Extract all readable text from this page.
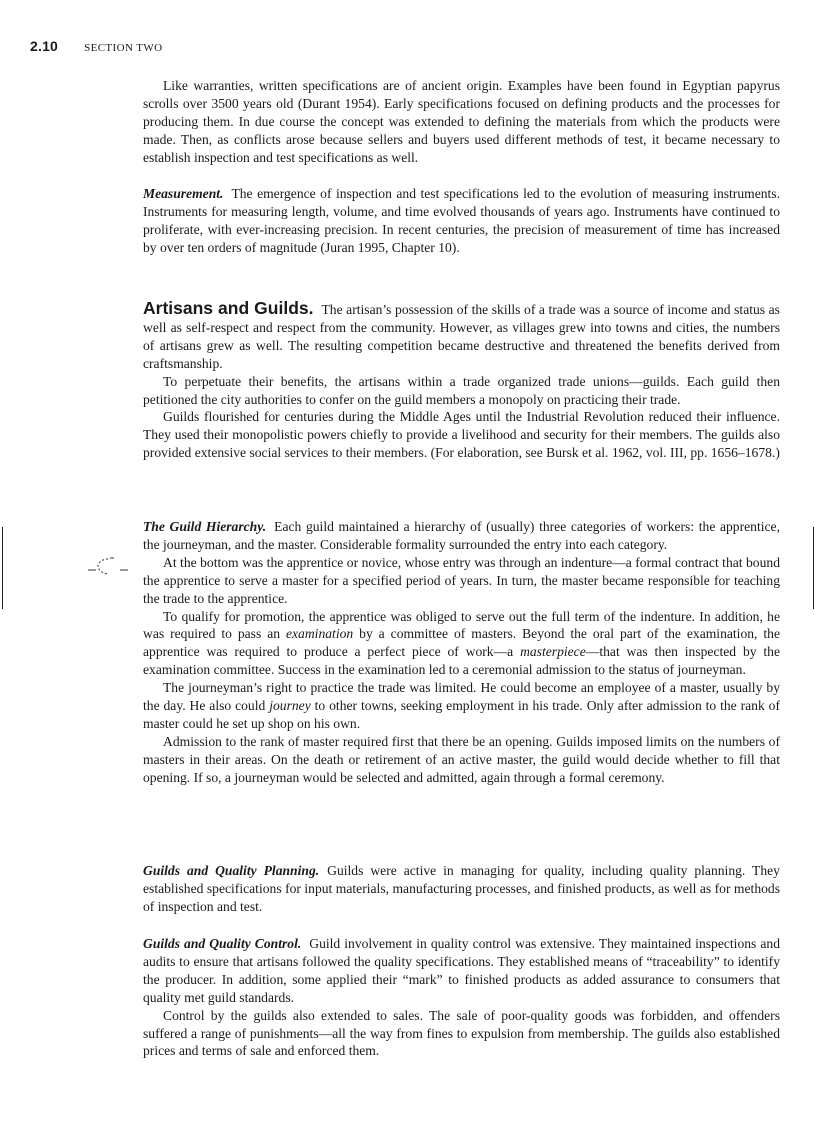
2.10 SECTION TWO

Like warranties, written specifications are of ancient origin. Examples have been found in Egyptian papyrus scrolls over 3500 years old (Durant 1954). Early specifications focused on defining products and the processes for producing them. In due course the concept was extended to defining the materials from which the products were made. Then, as conflicts arose because sellers and buyers used different methods of test, it became necessary to establish inspection and test specifications as well.

Measurement. The emergence of inspection and test specifications led to the evolution of measuring instruments. Instruments for measuring length, volume, and time evolved thousands of years ago. Instruments have continued to proliferate, with ever-increasing precision. In recent centuries, the precision of measurement of time has increased by over ten orders of magnitude (Juran 1995, Chapter 10).

Artisans and Guilds. The artisan’s possession of the skills of a trade was a source of income and status as well as self-respect and respect from the community. However, as villages grew into towns and cities, the numbers of artisans grew as well. The resulting competition became destructive and threatened the benefits derived from craftsmanship.

To perpetuate their benefits, the artisans within a trade organized trade unions—guilds. Each guild then petitioned the city authorities to confer on the guild members a monopoly on practicing their trade.

Guilds flourished for centuries during the Middle Ages until the Industrial Revolution reduced their influence. They used their monopolistic powers chiefly to provide a livelihood and security for their members. The guilds also provided extensive social services to their members. (For elaboration, see Bursk et al. 1962, vol. III, pp. 1656–1678.)

The Guild Hierarchy. Each guild maintained a hierarchy of (usually) three categories of workers: the apprentice, the journeyman, and the master. Considerable formality surrounded the entry into each category.

At the bottom was the apprentice or novice, whose entry was through an indenture—a formal contract that bound the apprentice to serve a master for a specified period of years. In turn, the master became responsible for teaching the trade to the apprentice.

To qualify for promotion, the apprentice was obliged to serve out the full term of the indenture. In addition, he was required to pass an examination by a committee of masters. Beyond the oral part of the examination, the apprentice was required to produce a perfect piece of work—a masterpiece—that was then inspected by the examination committee. Success in the examination led to a ceremonial admission to the status of journeyman.

The journeyman’s right to practice the trade was limited. He could become an employee of a master, usually by the day. He also could journey to other towns, seeking employment in his trade. Only after admission to the rank of master could he set up shop on his own.

Admission to the rank of master required first that there be an opening. Guilds imposed limits on the numbers of masters in their areas. On the death or retirement of an active master, the guild would decide whether to fill that opening. If so, a journeyman would be selected and admitted, again through a formal ceremony.

Guilds and Quality Planning. Guilds were active in managing for quality, including quality planning. They established specifications for input materials, manufacturing processes, and finished products, as well as for methods of inspection and test.

Guilds and Quality Control. Guild involvement in quality control was extensive. They maintained inspections and audits to ensure that artisans followed the quality specifications. They established means of “traceability” to identify the producer. In addition, some applied their “mark” to finished products as added assurance to consumers that quality met guild standards.

Control by the guilds also extended to sales. The sale of poor-quality goods was forbidden, and offenders suffered a range of punishments—all the way from fines to expulsion from membership. The guilds also established prices and terms of sale and enforced them.
